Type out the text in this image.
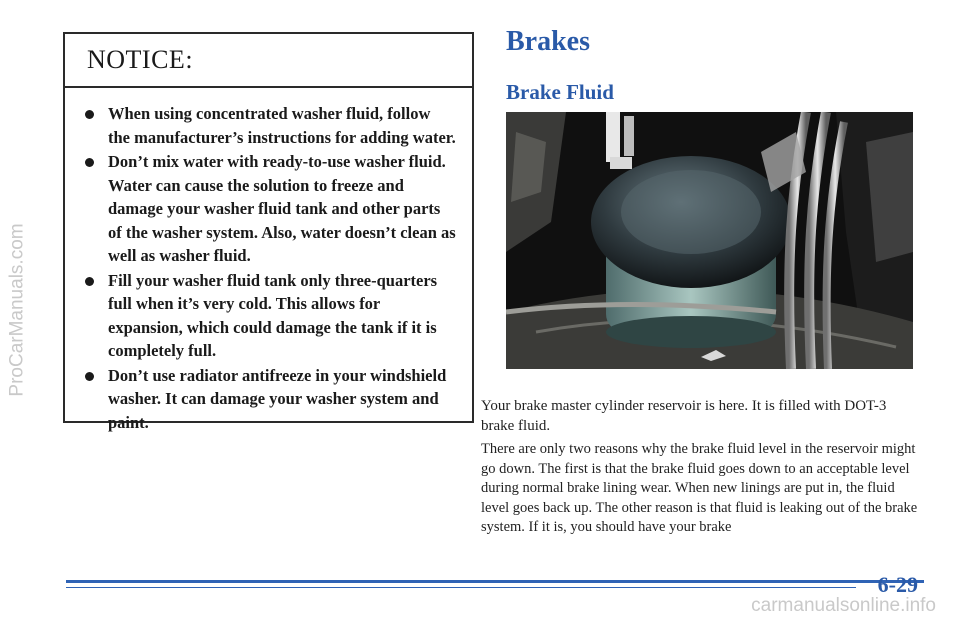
ProCarManuals.com
NOTICE:
When using concentrated washer fluid, follow the manufacturer’s instructions for adding water.
Don’t mix water with ready-to-use washer fluid. Water can cause the solution to freeze and damage your washer fluid tank and other parts of the washer system. Also, water doesn’t clean as well as washer fluid.
Fill your washer fluid tank only three-quarters full when it’s very cold. This allows for expansion, which could damage the tank if it is completely full.
Don’t use radiator antifreeze in your windshield washer. It can damage your washer system and paint.
Brakes
Brake Fluid

Your brake master cylinder reservoir is here. It is filled with DOT-3 brake fluid.

There are only two reasons why the brake fluid level in the reservoir might go down. The first is that the brake fluid goes down to an acceptable level during normal brake lining wear. When new linings are put in, the fluid level goes back up. The other reason is that fluid is leaking out of the brake system. If it is, you should have your brake

6-29
carmanualsonline.info
